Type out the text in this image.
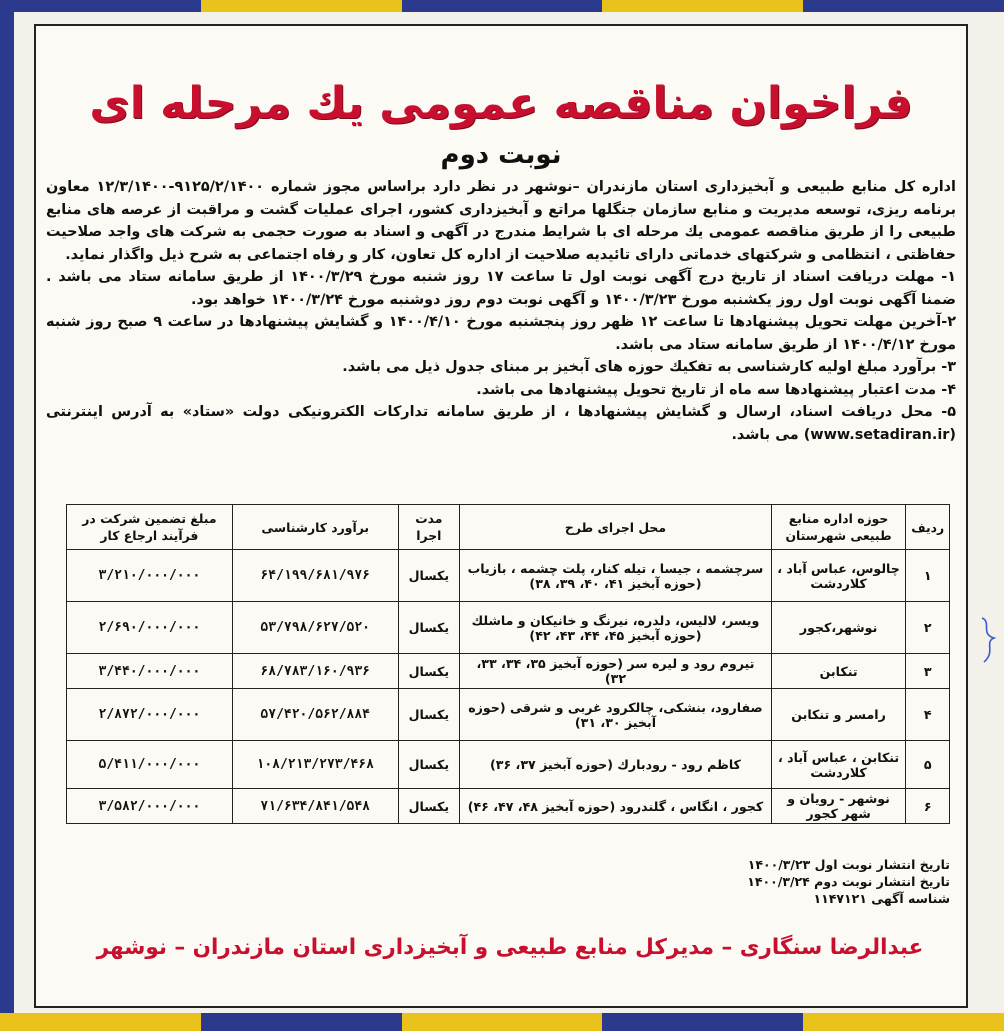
فراخوان مناقصه عمومی یك مرحله ای
نوبت دوم

اداره کل منابع طبیعی و آبخیزداری استان مازندران –نوشهر در نظر دارد براساس مجوز شماره ۹۱۲۵/۲/۱۴۰۰-۱۲/۳/۱۴۰۰ معاون برنامه ریزی، توسعه مدیریت و منابع سازمان جنگلها مراتع و آبخیزداری کشور، اجرای عملیات گشت و مراقبت از عرصه های منابع طبیعی را از طریق مناقصه عمومی یك مرحله ای با شرایط مندرج در آگهی و اسناد به صورت حجمی به شرکت های واجد صلاحیت حفاظتی ، انتظامی و شرکتهای خدماتی دارای تائیدیه صلاحیت از اداره کل تعاون، کار و رفاه اجتماعی به شرح ذیل واگذار نماید.

۱- مهلت دریافت اسناد از تاریخ درج آگهی نوبت اول تا ساعت ۱۷ روز شنبه مورخ ۱۴۰۰/۳/۲۹ از طریق سامانه ستاد می باشد . ضمنا آگهی نوبت اول روز یکشنبه مورخ ۱۴۰۰/۳/۲۳ و آگهی نوبت دوم روز دوشنبه مورخ ۱۴۰۰/۳/۲۴ خواهد بود.

۲-آخرین مهلت تحویل پیشنهادها تا ساعت ۱۲ ظهر روز پنجشنبه مورخ ۱۴۰۰/۴/۱۰ و گشایش پیشنهادها در ساعت ۹ صبح روز شنبه مورخ ۱۴۰۰/۴/۱۲ از طریق سامانه ستاد می باشد.

۳- برآورد مبلغ اولیه کارشناسی به تفکیك حوزه های آبخیز بر مبنای جدول ذیل می باشد.

۴- مدت اعتبار پیشنهادها سه ماه از تاریخ تحویل پیشنهادها می باشد.

۵- محل دریافت اسناد، ارسال و گشایش پیشنهادها ، از طریق سامانه تدارکات الکترونیکی دولت «ستاد» به آدرس اینترنتی (www.setadiran.ir) می باشد.

ردیف	حوزه اداره منابع طبیعی شهرستان	محل اجرای طرح	مدت اجرا	برآورد کارشناسی	مبلغ تضمین شرکت در فرآیند ارجاع کار
۱	چالوس، عباس آباد ، کلاردشت	سرچشمه ، جیسا ، تیله کنار، پلت چشمه ، بازیاب (حوزه آبخیز ۴۱، ۴۰، ۳۹، ۳۸)	یکسال	۶۴/۱۹۹/۶۸۱/۹۷۶	۳/۲۱۰/۰۰۰/۰۰۰
۲	نوشهر،کجور	ویسر، لالیس، دلدره، نیرنگ و خانیکان و ماشلك (حوزه آبخیز ۴۵، ۴۴، ۴۳، ۴۲)	یکسال	۵۳/۷۹۸/۶۲۷/۵۲۰	۲/۶۹۰/۰۰۰/۰۰۰
۳	تنکابن	تیروم رود و لیره سر (حوزه آبخیز ۳۵، ۳۴، ۳۳، ۳۲)	یکسال	۶۸/۷۸۳/۱۶۰/۹۳۶	۳/۴۴۰/۰۰۰/۰۰۰
۴	رامسر و تنکابن	صفارود، بنشکی، چالکرود غربی و شرقی (حوزه آبخیز ۳۰، ۳۱)	یکسال	۵۷/۴۲۰/۵۶۲/۸۸۴	۲/۸۷۲/۰۰۰/۰۰۰
۵	تنکابن ، عباس آباد ، کلاردشت	کاظم رود - رودبارك (حوزه آبخیز ۳۷، ۳۶)	یکسال	۱۰۸/۲۱۳/۲۷۳/۴۶۸	۵/۴۱۱/۰۰۰/۰۰۰
۶	نوشهر - رویان و شهر کجور	کجور ، انگاس ، گلندرود (حوزه آبخیز ۴۸، ۴۷، ۴۶)	یکسال	۷۱/۶۳۴/۸۴۱/۵۴۸	۳/۵۸۲/۰۰۰/۰۰۰
تاریخ انتشار نوبت اول ۱۴۰۰/۳/۲۳
تاریخ انتشار نوبت دوم ۱۴۰۰/۳/۲۴
شناسه آگهی ۱۱۴۷۱۲۱
عبدالرضا سنگاری – مدیرکل منابع طبیعی و آبخیزداری استان مازندران – نوشهر
